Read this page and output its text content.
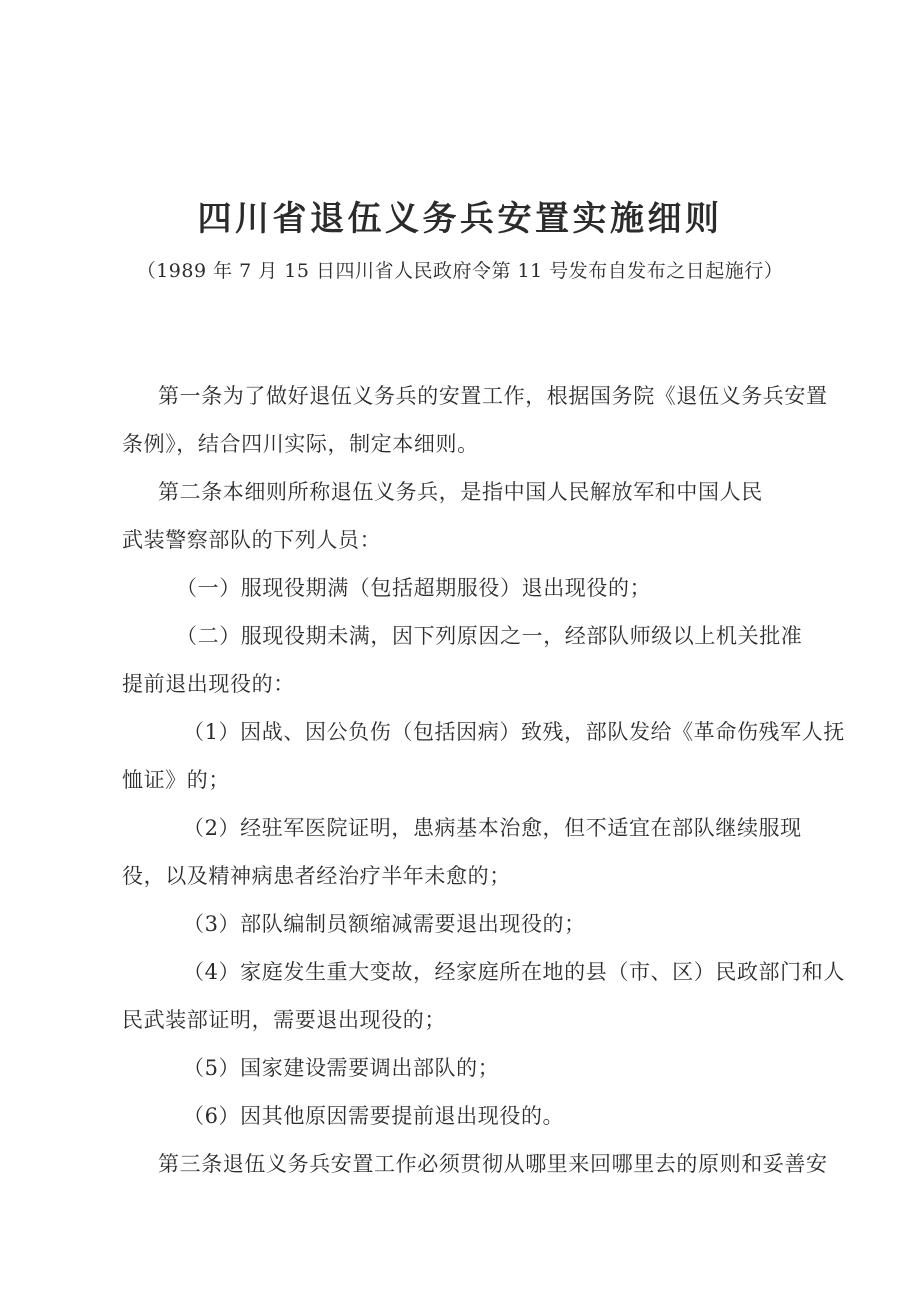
四川省退伍义务兵安置实施细则
（1989 年 7 月 15 日四川省人民政府令第 11 号发布自发布之日起施行）
第一条为了做好退伍义务兵的安置工作，根据国务院《退伍义务兵安置
条例》，结合四川实际，制定本细则。
第二条本细则所称退伍义务兵，是指中国人民解放军和中国人民
武装警察部队的下列人员：
（一）服现役期满（包括超期服役）退出现役的；
（二）服现役期未满，因下列原因之一，经部队师级以上机关批准
提前退出现役的：
（1）因战、因公负伤（包括因病）致残，部队发给《革命伤残军人抚
恤证》的；
（2）经驻军医院证明，患病基本治愈，但不适宜在部队继续服现
役，以及精神病患者经治疗半年未愈的；
（3）部队编制员额缩减需要退出现役的；
（4）家庭发生重大变故，经家庭所在地的县（市、区）民政部门和人
民武装部证明，需要退出现役的；
（5）国家建设需要调出部队的；
（6）因其他原因需要提前退出现役的。
第三条退伍义务兵安置工作必须贯彻从哪里来回哪里去的原则和妥善安
